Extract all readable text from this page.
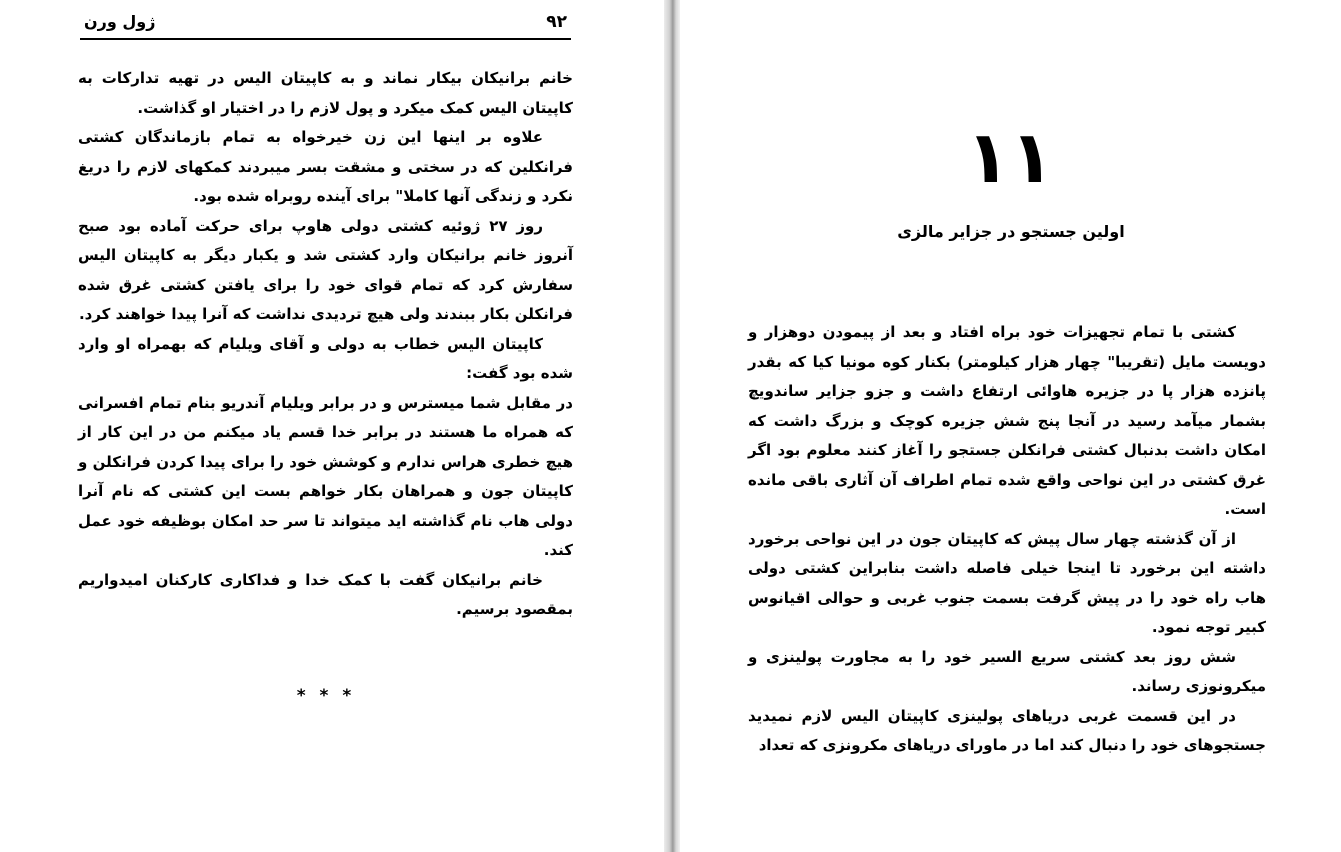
۹۲
ژول ورن

خانم برانیکان بیکار نماند و به کاپیتان الیس در تهیه تدارکات به کاپیتان الیس کمک میکرد و پول لازم را در اختیار او گذاشت.

علاوه بر اینها این زن خیرخواه به تمام بازماندگان کشتی فرانکلین که در سختی و مشقت بسر میبردند کمکهای لازم را دریغ نکرد و زندگی آنها کاملا" برای آینده روبراه شده بود.

روز ۲۷ ژوئیه کشتی دولی هاوپ برای حرکت آماده بود صبح آنروز خانم برانیکان وارد کشتی شد و یکبار دیگر به کاپیتان الیس سفارش کرد که تمام قوای خود را برای یافتن کشتی غرق شده فرانکلن بکار ببندند ولی هیچ تردیدی نداشت که آنرا پیدا خواهند کرد.

کاپیتان الیس خطاب به دولی و آقای ویلیام که بهمراه او وارد شده بود گفت:

در مقابل شما میسترس و در برابر ویلیام آندریو بنام تمام افسرانی که همراه ما هستند در برابر خدا قسم یاد میکنم من در این کار از هیچ خطری هراس ندارم و کوشش خود را برای پیدا کردن فرانکلن و کاپیتان جون و همراهان بکار خواهم بست این کشتی که نام آنرا دولی هاب نام گذاشته اید میتواند تا سر حد امکان بوظیفه خود عمل کند.

خانم برانیکان گفت با کمک خدا و فداکاری کارکنان امیدواریم بمقصود برسیم.

* * *
۱۱
اولین جستجو در جزایر مالزی

کشتی با تمام تجهیزات خود براه افتاد و بعد از پیمودن دوهزار و دویست مایل (تقریبا" چهار هزار کیلومتر) بکنار کوه مونیا کیا که بقدر پانزده هزار پا در جزیره هاوائی ارتفاع داشت و جزو جزایر ساندویچ بشمار میآمد رسید در آنجا پنج شش جزیره کوچک و بزرگ داشت که امکان داشت بدنبال کشتی فرانکلن جستجو را آغاز کنند معلوم بود اگر غرق کشتی در این نواحی واقع شده تمام اطراف آن آثاری باقی مانده است.

از آن گذشته چهار سال پیش که کاپیتان جون در این نواحی برخورد داشته این برخورد تا اینجا خیلی فاصله داشت بنابراین کشتی دولی هاب راه خود را در پیش گرفت بسمت جنوب غربی و حوالی اقیانوس کبیر توجه نمود.

شش روز بعد کشتی سریع السیر خود را به مجاورت پولینزی و میکرونوزی رساند.

در این قسمت غربی دریاهای پولینزی کاپیتان الیس لازم نمیدید جستجوهای خود را دنبال کند اما در ماورای دریاهای مکرونزی که تعداد
